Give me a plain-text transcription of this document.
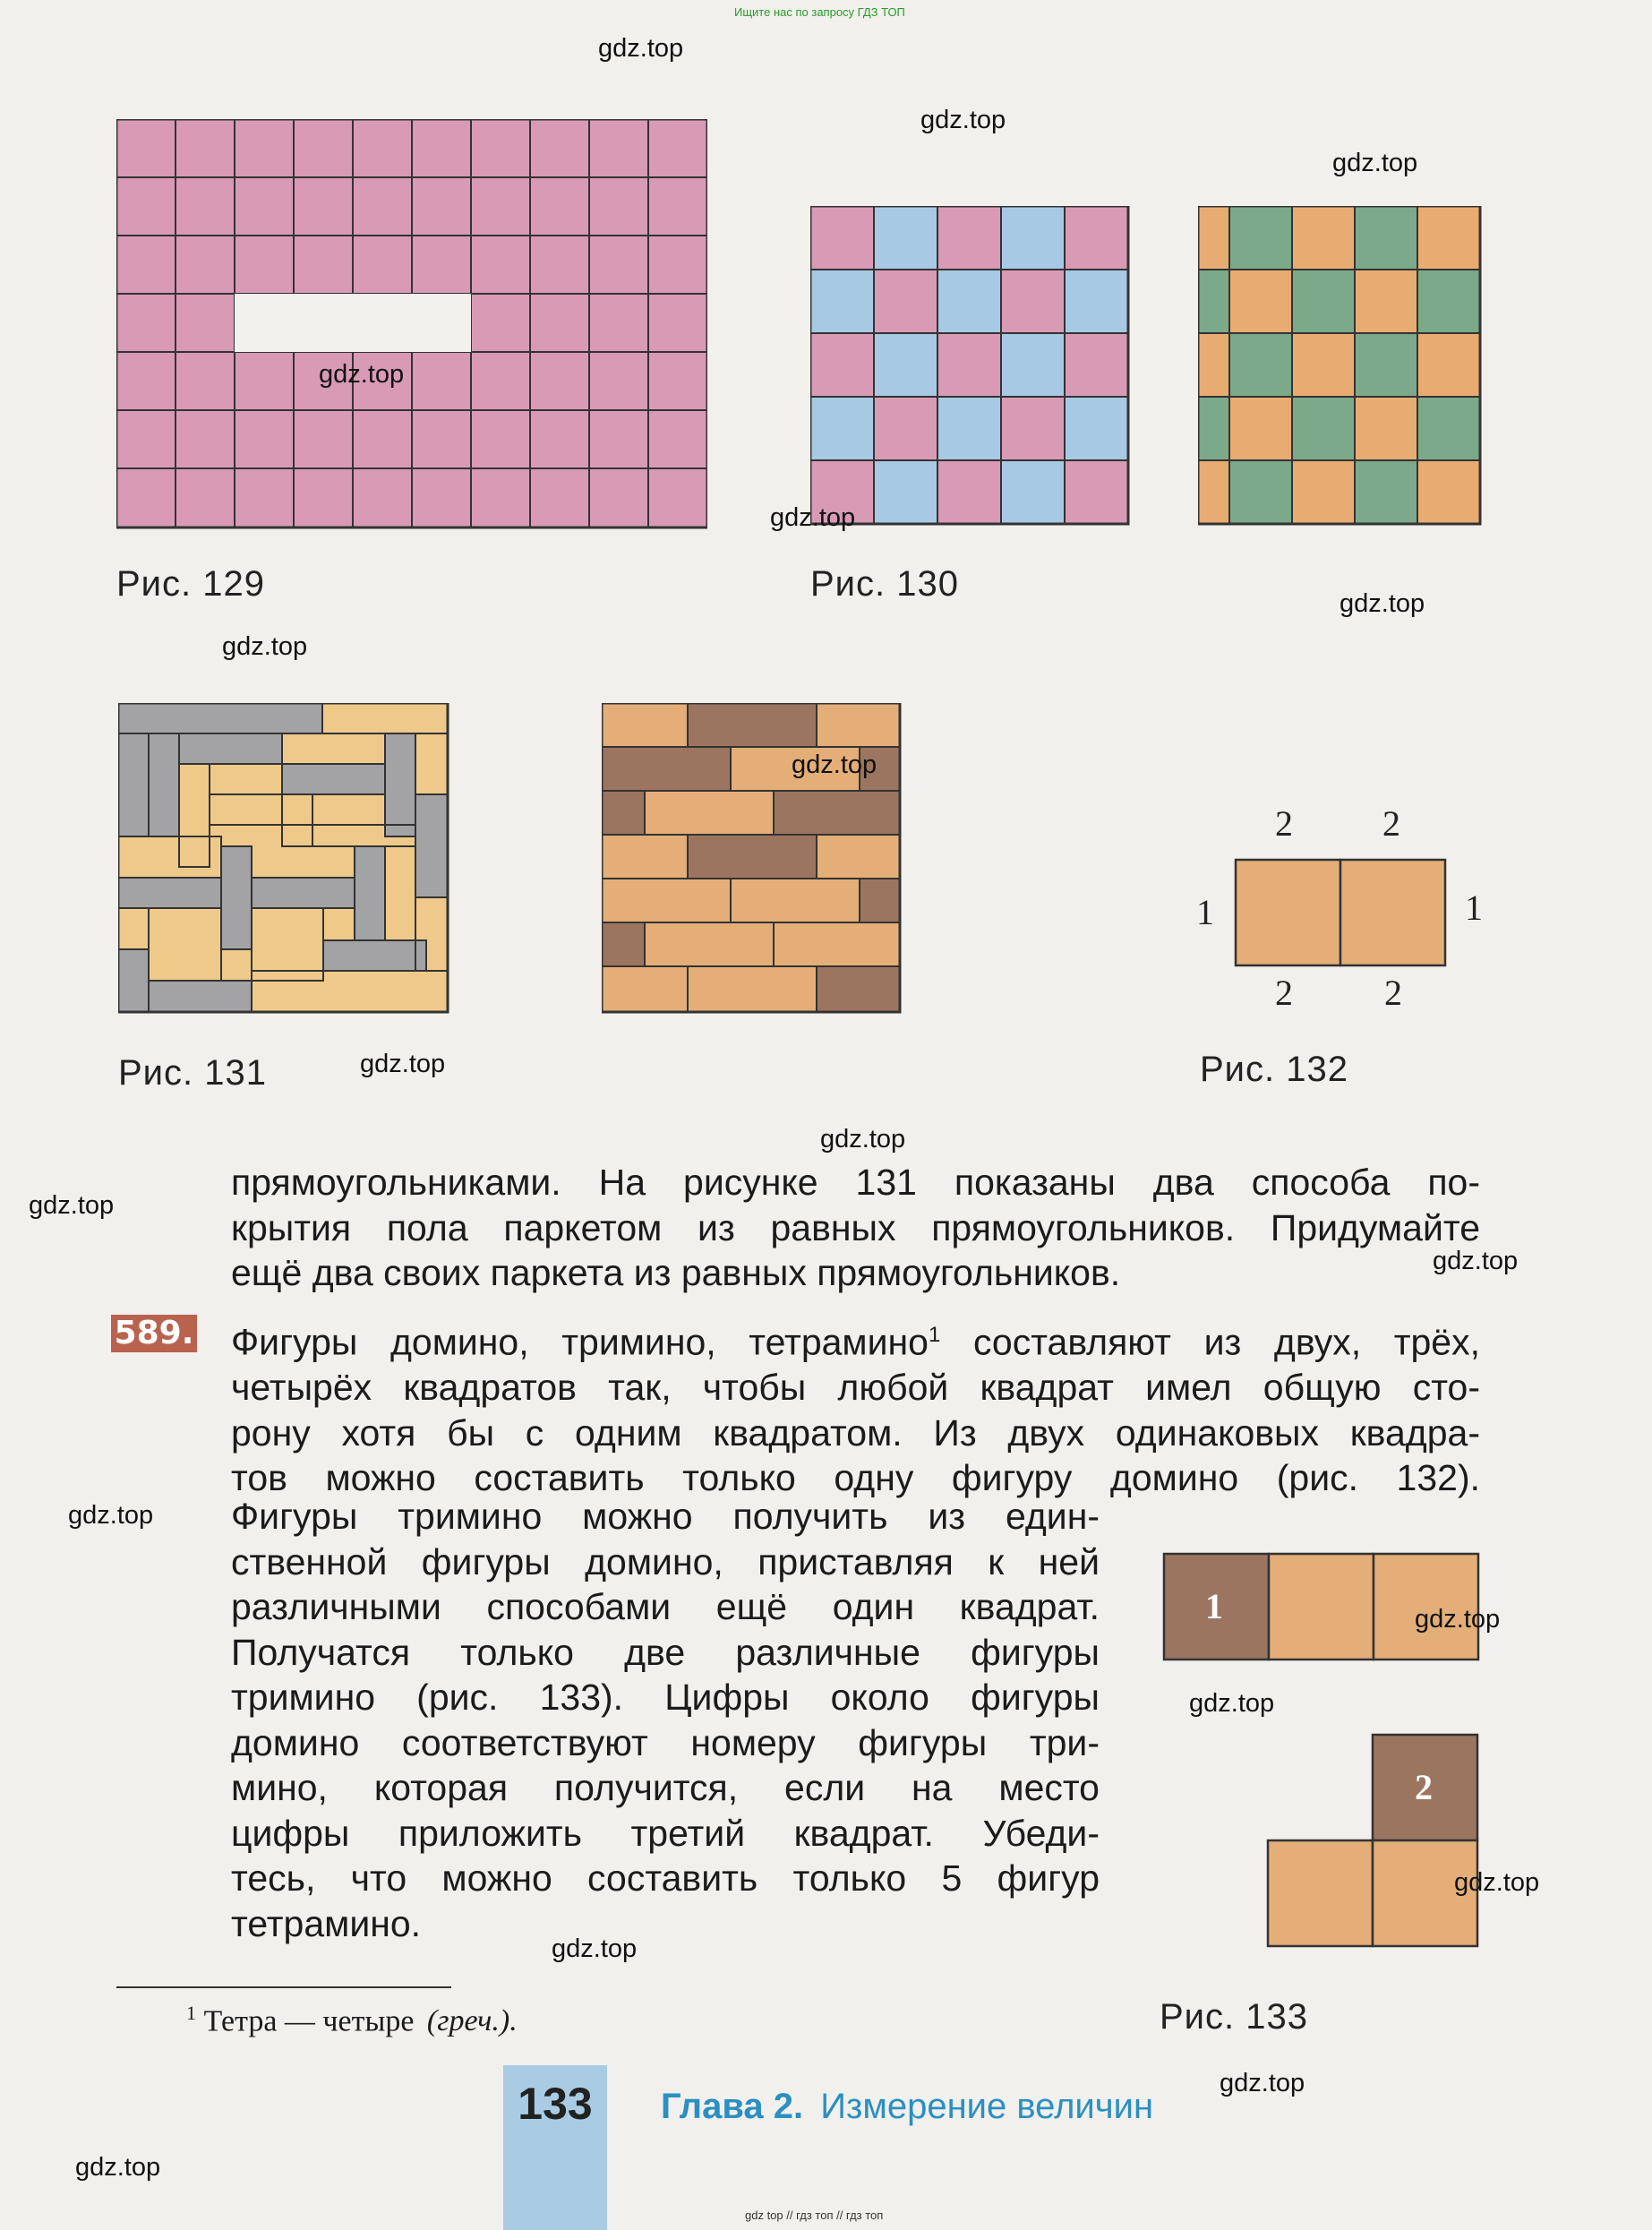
Ищите нас по запросу ГДЗ ТОП
gdz top // гдз топ // гдз топ
2	2
1	1
2	2
1
2
Рис. 129	Рис. 130
Рис. 131	Рис. 132
Рис. 133
прямоугольниками. На рисунке 131 показаны два способа по-
крытия пола паркетом из равных прямоугольников. Придумайте
ещё два своих паркета из равных прямоугольников.
589. Фигуры домино, тримино, тетрамино$^1$ составляют из двух, трёх,
четырёх квадратов так, чтобы любой квадрат имел общую сто-
рону хотя бы с одним квадратом. Из двух одинаковых квадра-
тов можно составить только одну фигуру домино (рис. 132).
Фигуры тримино можно получить из един-
ственной фигуры домино, приставляя к ней
различными способами ещё один квадрат.
Получатся только две различные фигуры
тримино (рис. 133). Цифры около фигуры
домино соответствуют номеру фигуры три-
мино, которая получится, если на место
цифры приложить третий квадрат. Убеди-
тесь, что можно составить только 5 фигур
тетрамино.
$^1$ Тетра — четыре (греч.).
133	Глава 2. Измерение величин
gdz.top
gdz.top
gdz.top
gdz.top
gdz.top
gdz.top
gdz.top
gdz.top
gdz.top
gdz.top
gdz.top
gdz.top
gdz.top
gdz.top
gdz.top
gdz.top
gdz.top
gdz.top
gdz.top
